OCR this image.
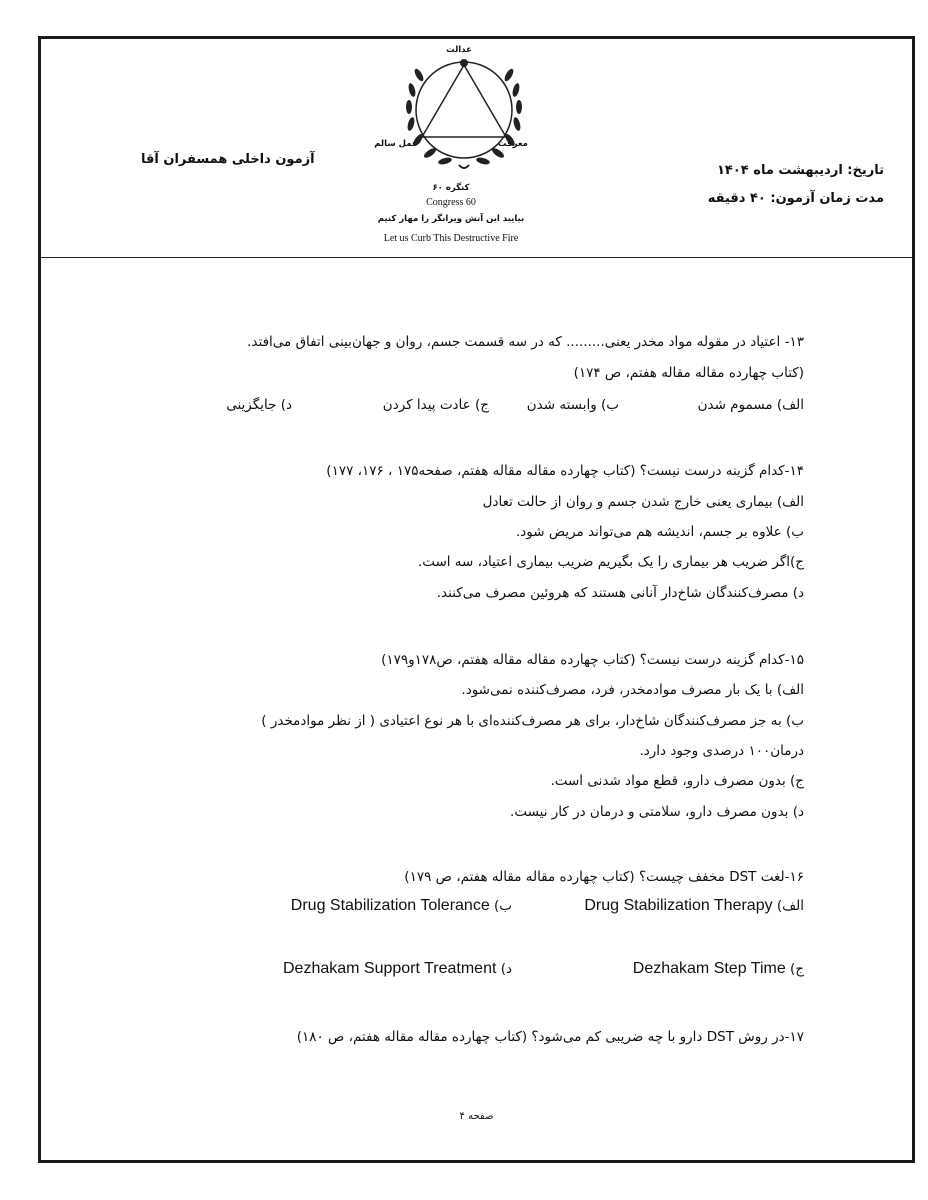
تاریخ: اردیبهشت ماه ۱۴۰۴
مدت زمان آزمون: ۴۰ دقیقه
آزمون داخلی همسفران آقا
عدالت
عمل سالم	معرفت
کنگره ۶۰
Congress 60
بیایید این آتش ویرانگر را مهار کنیم
Let us Curb This Destructive Fire
۱۳- اعتیاد در مقوله مواد مخدر یعنی......... که در سه قسمت جسم، روان و جهان‌بینی اتفاق می‌افتد.
(کتاب چهارده مقاله مقاله هفتم، ص ۱۷۴)
الف) مسموم شدن
ب) وابسته شدن
ج) عادت پیدا کردن
د) جایگزینی
۱۴-کدام گزینه درست نیست؟ (کتاب چهارده مقاله مقاله هفتم، صفحه۱۷۵ ، ۱۷۶، ۱۷۷)
الف) بیماری یعنی خارج شدن جسم و روان از حالت تعادل
ب) علاوه بر جسم، اندیشه هم می‌تواند مریض شود.
ج)اگر ضریب هر بیماری را یک بگیریم ضریب بیماری اعتیاد، سه است.
د) مصرف‌کنندگان شاخ‌دار آنانی هستند که هروئین مصرف می‌کنند.
۱۵-کدام گزینه درست نیست؟ (کتاب چهارده مقاله مقاله هفتم، ص۱۷۸و۱۷۹)
الف) با یک بار مصرف موادمخدر، فرد، مصرف‌کننده نمی‌شود.
ب) به جز مصرف‌کنندگان شاخ‌دار، برای هر مصرف‌کننده‌ای با هر نوع اعتیادی ( از نظر موادمخدر )
درمان۱۰۰ درصدی وجود دارد.
ج) بدون مصرف دارو، قطع مواد شدنی است.
د) بدون مصرف دارو، سلامتی و درمان در کار نیست.
۱۶-لغت DST مخفف چیست؟ (کتاب چهارده مقاله مقاله هفتم، ص ۱۷۹)
الف) Drug Stabilization Therapy
ب) Drug Stabilization Tolerance
ج) Dezhakam Step Time
د) Dezhakam Support Treatment
۱۷-در روش DST دارو با چه ضریبی کم می‌شود؟ (کتاب چهارده مقاله مقاله هفتم، ص ۱۸۰)
صفحه ۴
